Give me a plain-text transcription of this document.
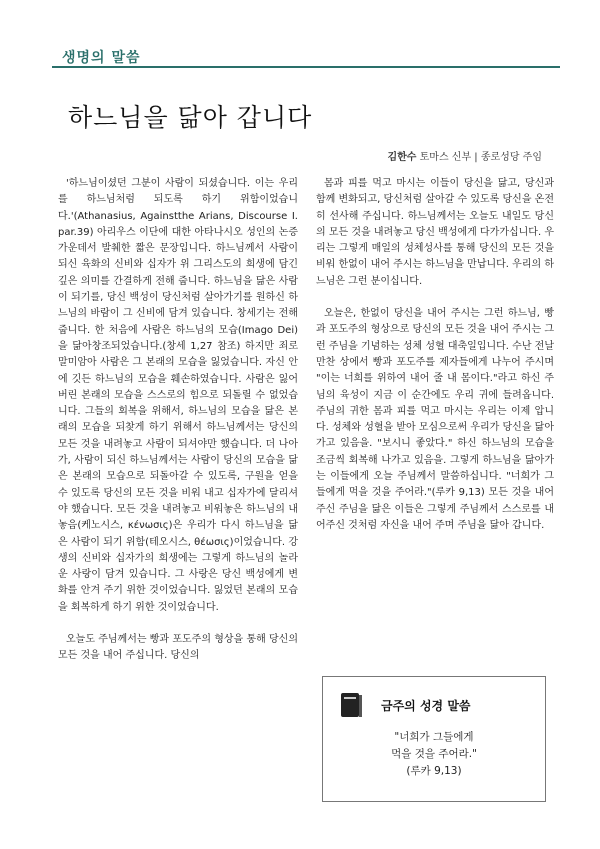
생명의 말씀
하느님을 닮아 갑니다
김한수 토마스 신부 | 종로성당 주임

'하느님이셨던 그분이 사람이 되셨습니다. 이는 우리를 하느님처럼 되도록 하기 위함이었습니다.'(Athanasius, Againstthe Arians, Discourse I. par.39) 아리우스 이단에 대한 아타나시오 성인의 논증 가운데서 발췌한 짧은 문장입니다. 하느님께서 사람이 되신 육화의 신비와 십자가 위 그리스도의 희생에 담긴 깊은 의미를 간결하게 전해 줍니다. 하느님을 닮은 사람이 되기를, 당신 백성이 당신처럼 살아가기를 원하신 하느님의 바람이 그 신비에 담겨 있습니다. 창세기는 전해줍니다. 한 처음에 사람은 하느님의 모습(Imago Dei)을 닮아창조되었습니다.(창세 1,27 참조) 하지만 죄로 말미암아 사람은 그 본래의 모습을 잃었습니다. 자신 안에 깃든 하느님의 모습을 훼손하였습니다. 사람은 잃어버린 본래의 모습을 스스로의 힘으로 되돌릴 수 없었습니다. 그들의 회복을 위해서, 하느님의 모습을 닮은 본래의 모습을 되찾게 하기 위해서 하느님께서는 당신의 모든 것을 내려놓고 사람이 되셔야만 했습니다. 더 나아가, 사람이 되신 하느님께서는 사람이 당신의 모습을 닮은 본래의 모습으로 되돌아갈 수 있도록, 구원을 얻을 수 있도록 당신의 모든 것을 비워 내고 십자가에 달리셔야 했습니다. 모든 것을 내려놓고 비워놓은 하느님의 내놓음(케노시스, κένωσις)은 우리가 다시 하느님을 닮은 사람이 되기 위함(테오시스, θέωσις)이었습니다. 강생의 신비와 십자가의 희생에는 그렇게 하느님의 놀라운 사랑이 담겨 있습니다. 그 사랑은 당신 백성에게 변화를 안겨 주기 위한 것이었습니다. 잃었던 본래의 모습을 회복하게 하기 위한 것이었습니다.

오늘도 주님께서는 빵과 포도주의 형상을 통해 당신의 모든 것을 내어 주십니다. 당신의

몸과 피를 먹고 마시는 이들이 당신을 닮고, 당신과 함께 변화되고, 당신처럼 살아갈 수 있도록 당신을 온전히 선사해 주십니다. 하느님께서는 오늘도 내일도 당신의 모든 것을 내려놓고 당신 백성에게 다가가십니다. 우리는 그렇게 매일의 성체성사를 통해 당신의 모든 것을 비워 한없이 내어 주시는 하느님을 만납니다. 우리의 하느님은 그런 분이십니다.

오늘은, 한없이 당신을 내어 주시는 그런 하느님, 빵과 포도주의 형상으로 당신의 모든 것을 내어 주시는 그런 주님을 기념하는 성체 성혈 대축일입니다. 수난 전날 만찬 상에서 빵과 포도주를 제자들에게 나누어 주시며 "이는 너희를 위하여 내어 줄 내 몸이다."라고 하신 주님의 육성이 지금 이 순간에도 우리 귀에 들려옵니다. 주님의 귀한 몸과 피를 먹고 마시는 우리는 이제 압니다. 성체와 성혈을 받아 모심으로써 우리가 당신을 닮아 가고 있음을. "보시니 좋았다." 하신 하느님의 모습을 조금씩 회복해 나가고 있음을. 그렇게 하느님을 닮아가는 이들에게 오늘 주님께서 말씀하십니다. "너희가 그들에게 먹을 것을 주어라."(루카 9,13) 모든 것을 내어주신 주님을 닮은 이들은 그렇게 주님께서 스스로를 내어주신 것처럼 자신을 내어 주며 주님을 닮아 갑니다.

금주의 성경 말씀
"너희가 그들에게
먹을 것을 주어라."
(루카 9,13)
